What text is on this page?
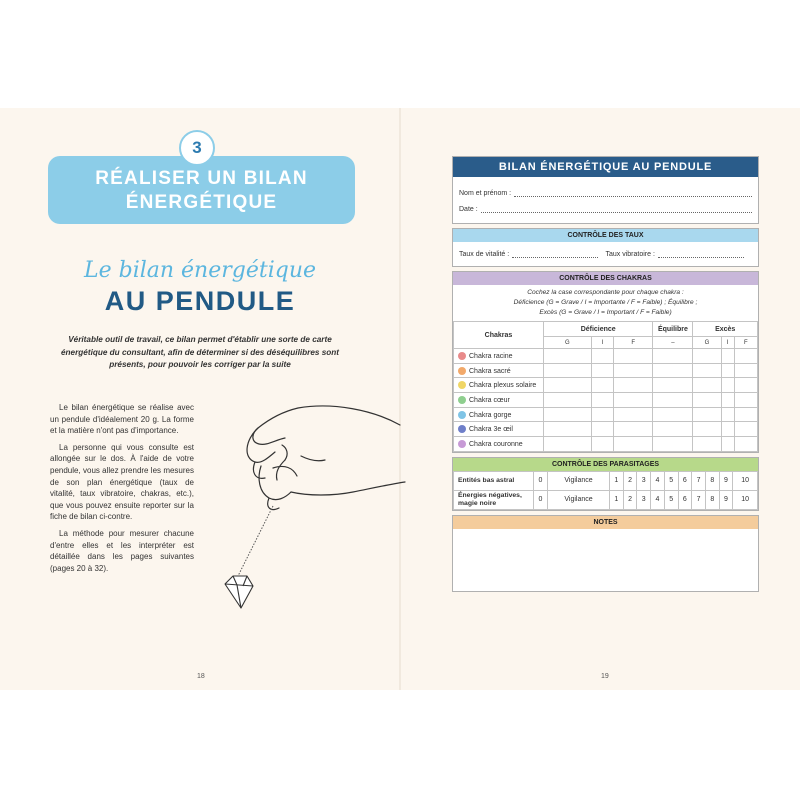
3
RÉALISER UN BILAN
ÉNERGÉTIQUE
Le bilan énergétique
AU PENDULE
Véritable outil de travail, ce bilan permet d'établir une sorte de carte énergétique du consultant, afin de déterminer si des déséquilibres sont présents, pour pouvoir les corriger par la suite

Le bilan énergétique se réalise avec un pendule d'idéalement 20 g. La forme et la matière n'ont pas d'importance.

La personne qui vous consulte est allongée sur le dos. À l'aide de votre pendule, vous allez prendre les mesures de son plan énergétique (taux de vitalité, taux vibratoire, chakras, etc.), que vous pouvez ensuite reporter sur la fiche de bilan ci-contre.

La méthode pour mesurer chacune d'entre elles et les interpréter est détaillée dans les pages suivantes (pages 20 à 32).

18
BILAN ÉNERGÉTIQUE AU PENDULE
Nom et prénom :
Date :
CONTRÔLE DES TAUX
Taux de vitalité :	Taux vibratoire :
CONTRÔLE DES CHAKRAS
Cochez la case correspondante pour chaque chakra :
Déficience (G = Grave / I = Importante / F = Faible) ; Équilibre ;
Excès (G = Grave / I = Important / F = Faible)
Chakras	Déficience			Équilibre	Excès		
	G	I	F	–	G	I	F
Chakra racine							
Chakra sacré							
Chakra plexus solaire							
Chakra cœur							
Chakra gorge							
Chakra 3e œil							
Chakra couronne							
CONTRÔLE DES PARASITAGES
Entités bas astral	0	Vigilance	1	2	3	4	5	6	7	8	9	10
Énergies négatives, magie noire	0	Vigilance	1	2	3	4	5	6	7	8	9	10
NOTES
19
